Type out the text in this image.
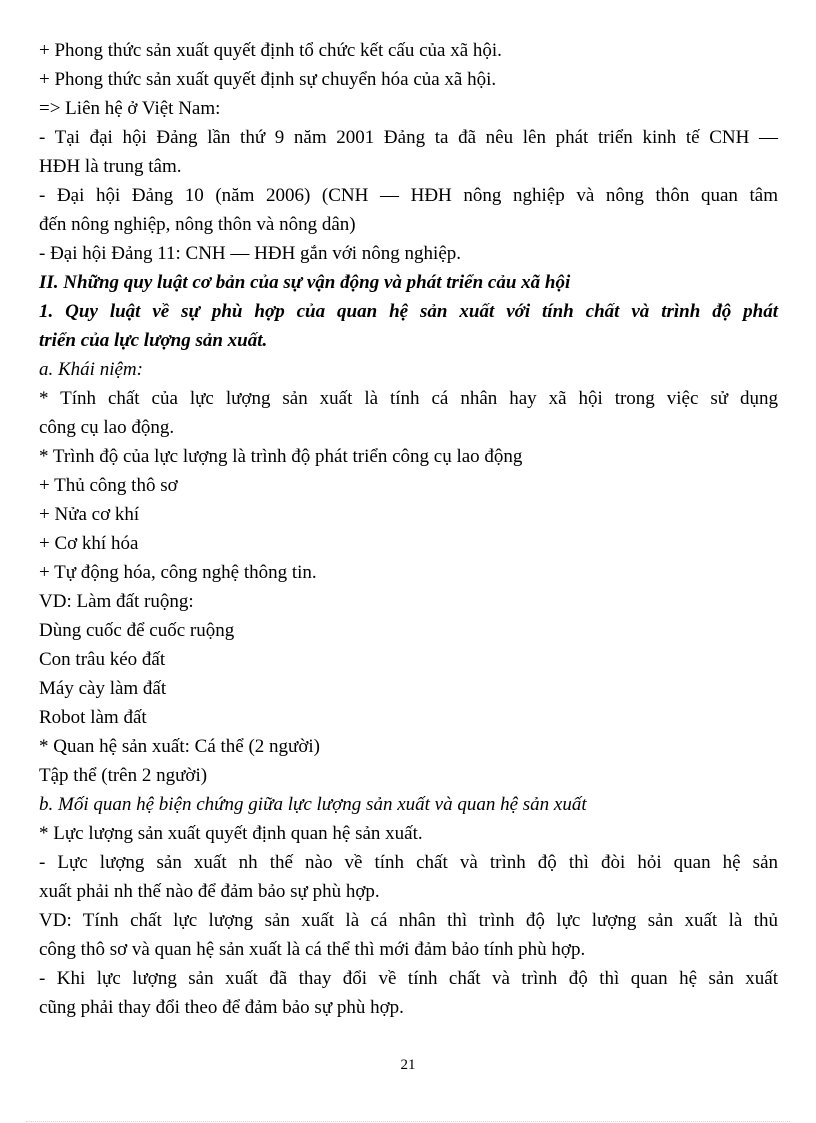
+ Phong thức sản xuất quyết định tổ chức kết cấu của xã hội.
+ Phong thức sản xuất quyết định sự chuyển hóa của xã hội.
=> Liên hệ ở Việt Nam:
- Tại đại hội Đảng lần thứ 9 năm 2001 Đảng ta đã nêu lên phát triển kinh tế CNH —
HĐH là trung tâm.
- Đại hội Đảng 10 (năm 2006) (CNH — HĐH nông nghiệp và nông thôn quan tâm
đến nông nghiệp, nông thôn và nông dân)
- Đại hội Đảng 11: CNH — HĐH gắn với nông nghiệp.
II. Những quy luật cơ bản của sự vận động và phát triển cảu xã hội
1. Quy luật về sự phù hợp của quan hệ sản xuất với tính chất và trình độ phát
triển của lực lượng sản xuất.
a. Khái niệm:
* Tính chất của lực lượng sản xuất là tính cá nhân hay xã hội trong việc sử dụng
công cụ lao động.
* Trình độ của lực lượng là trình độ phát triển công cụ lao động
+ Thủ công thô sơ
+ Nửa cơ khí
+ Cơ khí hóa
+ Tự động hóa, công nghệ thông tin.
VD: Làm đất ruộng:
Dùng cuốc để cuốc ruộng
Con trâu kéo đất
Máy cày làm đất
Robot làm đất
* Quan hệ sản xuất: Cá thể (2 người)
Tập thể (trên 2 người)
b. Mối quan hệ biện chứng giữa lực lượng sản xuất và quan hệ sản xuất
* Lực lượng sản xuất quyết định quan hệ sản xuất.
- Lực lượng sản xuất nh thế nào về tính chất và trình độ thì đòi hỏi quan hệ sản
xuất phải nh thế nào để đảm bảo sự phù hợp.
VD: Tính chất lực lượng sản xuất là cá nhân thì trình độ lực lượng sản xuất là thủ
công thô sơ và quan hệ sản xuất là cá thể thì mới đảm bảo tính phù hợp.
- Khi lực lượng sản xuất đã thay đổi về tính chất và trình độ thì quan hệ sản xuất
cũng phải thay đổi theo để đảm bảo sự phù hợp.
21
